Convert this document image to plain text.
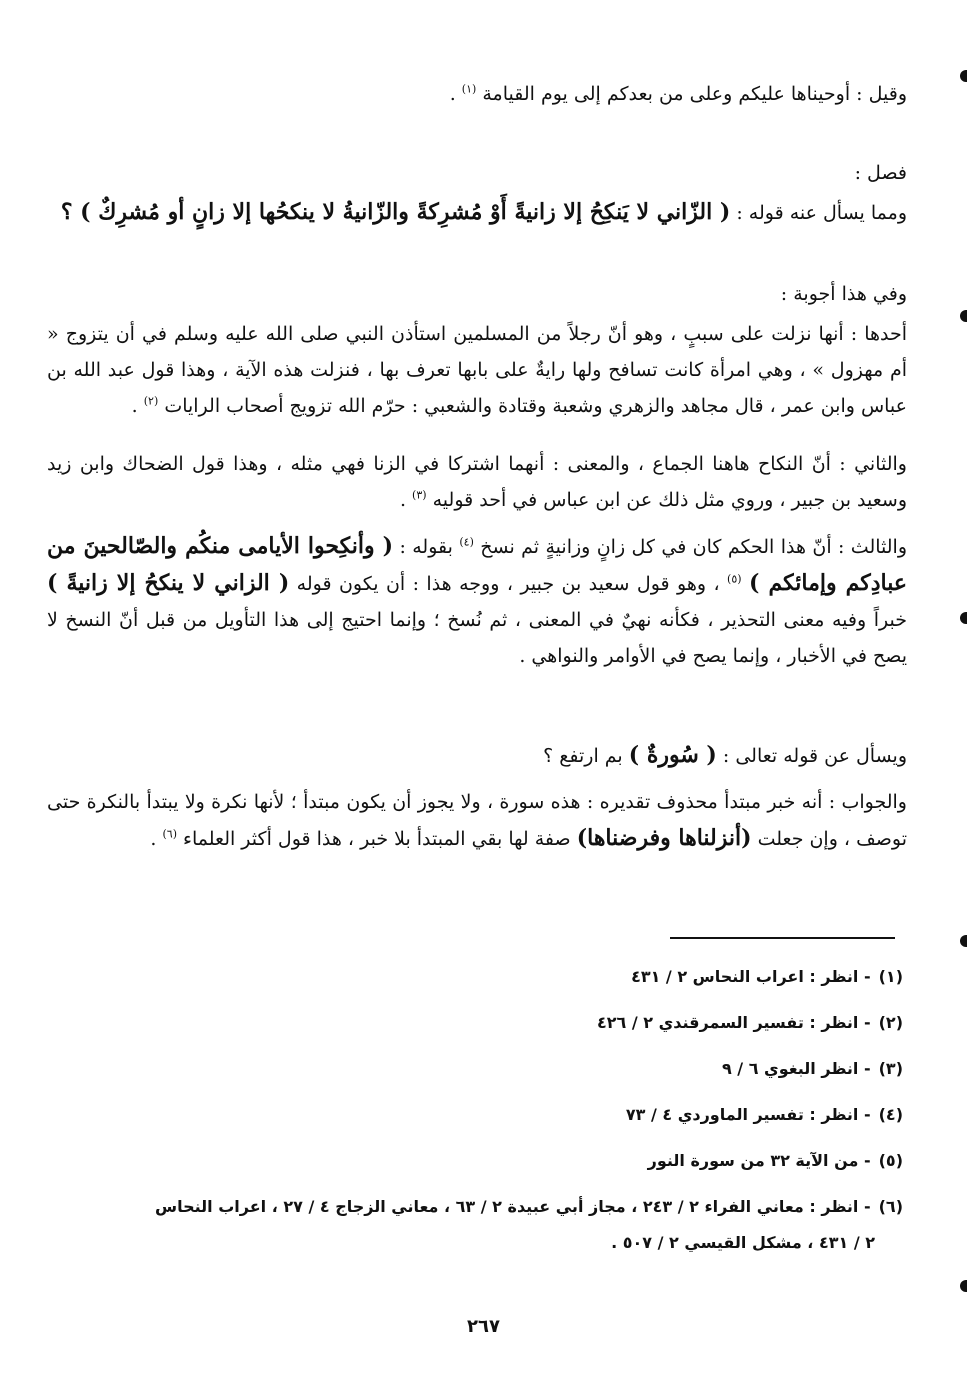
وقيل : أوحيناها عليكم وعلى من بعدكم إلى يوم القيامة $^{(١)}$ .
فصل :
ومما يسأل عنه قوله : ( الزّاني لا يَنكِحُ إلا زانيةً أَوْ مُشرِكةً والزّانيةُ لا ينكحُها إلا زانٍ أو مُشرِكٌ ) ؟
وفي هذا أجوبة :
أحدها : أنها نزلت على سببٍ ، وهو أنّ رجلاً من المسلمين استأذن النبي صلى الله عليه وسلم في أن يتزوج « أم مهزول » ، وهي امرأة كانت تسافح ولها رايةٌ على بابها تعرف بها ، فنزلت هذه الآية ، وهذا قول عبد الله بن عباس وابن عمر ، قال مجاهد والزهري وشعبة وقتادة والشعبي : حرّم الله تزويج أصحاب الرايات $^{(٢)}$ .
والثاني : أنّ النكاح هاهنا الجماع ، والمعنى : أنهما اشتركا في الزنا فهي مثله ، وهذا قول الضحاك وابن زيد وسعيد بن جبير ، وروي مثل ذلك عن ابن عباس في أحد قوليه $^{(٣)}$ .
والثالث : أنّ هذا الحكم كان في كل زانٍ وزانيةٍ ثم نسخ $^{(٤)}$ بقوله : ( وأنكِحوا الأيامى منكُم والصّالحينَ من عبادِكم وإمائكم ) $^{(٥)}$ ، وهو قول سعيد بن جبير ، ووجه هذا : أن يكون قوله ( الزاني لا ينكحُ إلا زانيةً ) خبراً وفيه معنى التحذير ، فكأنه نهيٌ في المعنى ، ثم نُسخ ؛ وإنما احتيج إلى هذا التأويل من قبل أنّ النسخ لا يصح في الأخبار ، وإنما يصح في الأوامر والنواهي .
ويسأل عن قوله تعالى : ( سُورةٌ ) بم ارتفع ؟
والجواب : أنه خبر مبتدأ محذوف تقديره : هذه سورة ، ولا يجوز أن يكون مبتدأ ؛ لأنها نكرة ولا يبتدأ بالنكرة حتى توصف ، وإن جعلت (أنزلناها وفرضناها) صفة لها بقي المبتدأ بلا خبر ، هذا قول أكثر العلماء $^{(٦)}$ .
(١)- انظر : اعراب النحاس ٢ / ٤٣١
(٢)- انظر : تفسير السمرقندي ٢ / ٤٢٦
(٣)- انظر البغوي ٦ / ٩
(٤)- انظر : تفسير الماوردي ٤ / ٧٣
(٥)- من الآية ٣٢ من سورة النور
(٦)- انظر : معاني الفراء ٢ / ٢٤٣ ، مجاز أبي عبيدة ٢ / ٦٣ ، معاني الزجاج ٤ / ٢٧ ، اعراب النحاس
٢ / ٤٣١ ، مشكل القيسي ٢ / ٥٠٧ .
٢٦٧
